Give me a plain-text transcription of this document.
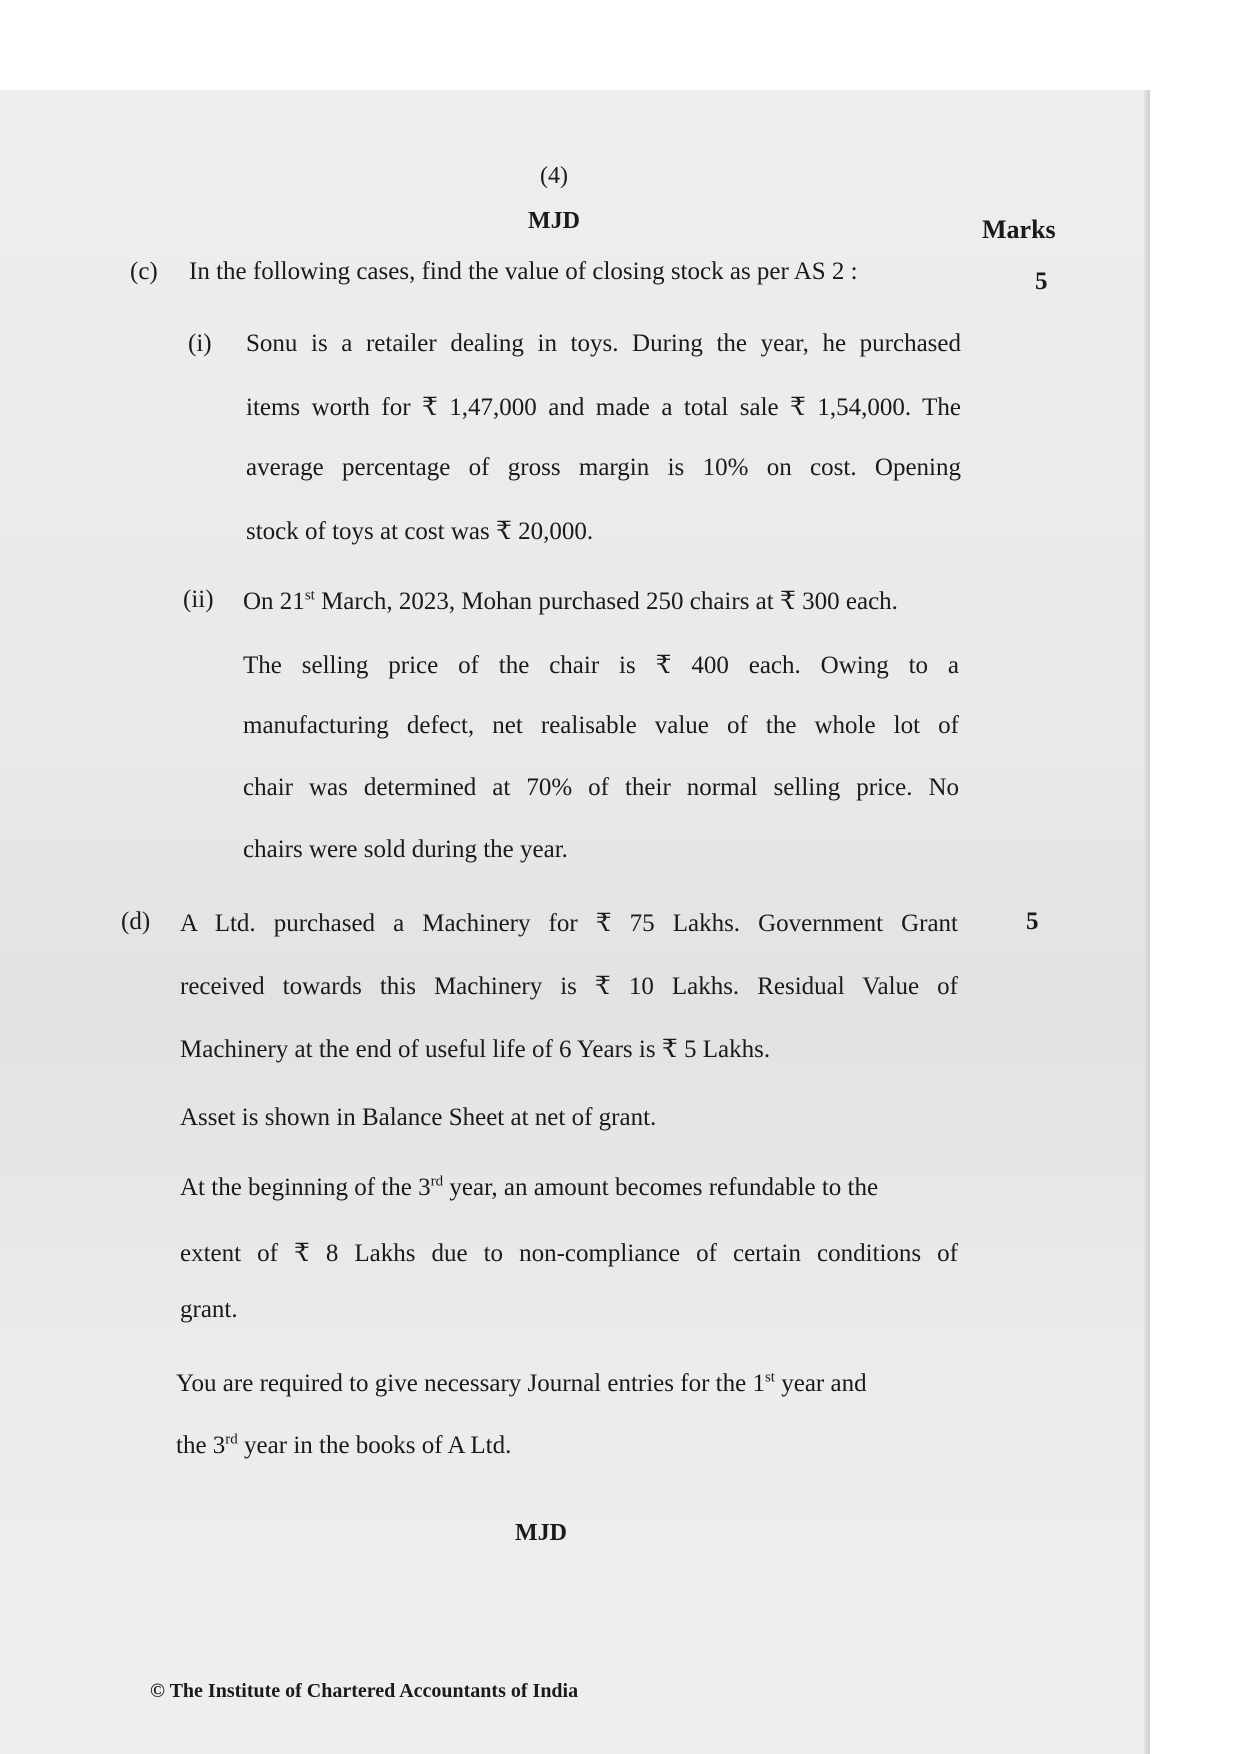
(4)
MJD	Marks
(c) In the following cases, find the value of closing stock as per AS 2 :	5
(i) Sonu is a retailer dealing in toys. During the year, he purchased
items worth for ₹ 1,47,000 and made a total sale ₹ 1,54,000. The
average percentage of gross margin is 10% on cost. Opening
stock of toys at cost was ₹ 20,000.
(ii) On 21st March, 2023, Mohan purchased 250 chairs at ₹ 300 each.
The selling price of the chair is ₹ 400 each. Owing to a
manufacturing defect, net realisable value of the whole lot of
chair was determined at 70% of their normal selling price. No
chairs were sold during the year.
(d)	5
A Ltd. purchased a Machinery for ₹ 75 Lakhs. Government Grant
received towards this Machinery is ₹ 10 Lakhs. Residual Value of
Machinery at the end of useful life of 6 Years is ₹ 5 Lakhs.
Asset is shown in Balance Sheet at net of grant.
At the beginning of the 3rd year, an amount becomes refundable to the
extent of ₹ 8 Lakhs due to non-compliance of certain conditions of
grant.
You are required to give necessary Journal entries for the 1st year and
the 3rd year in the books of A Ltd.
MJD
© The Institute of Chartered Accountants of India
